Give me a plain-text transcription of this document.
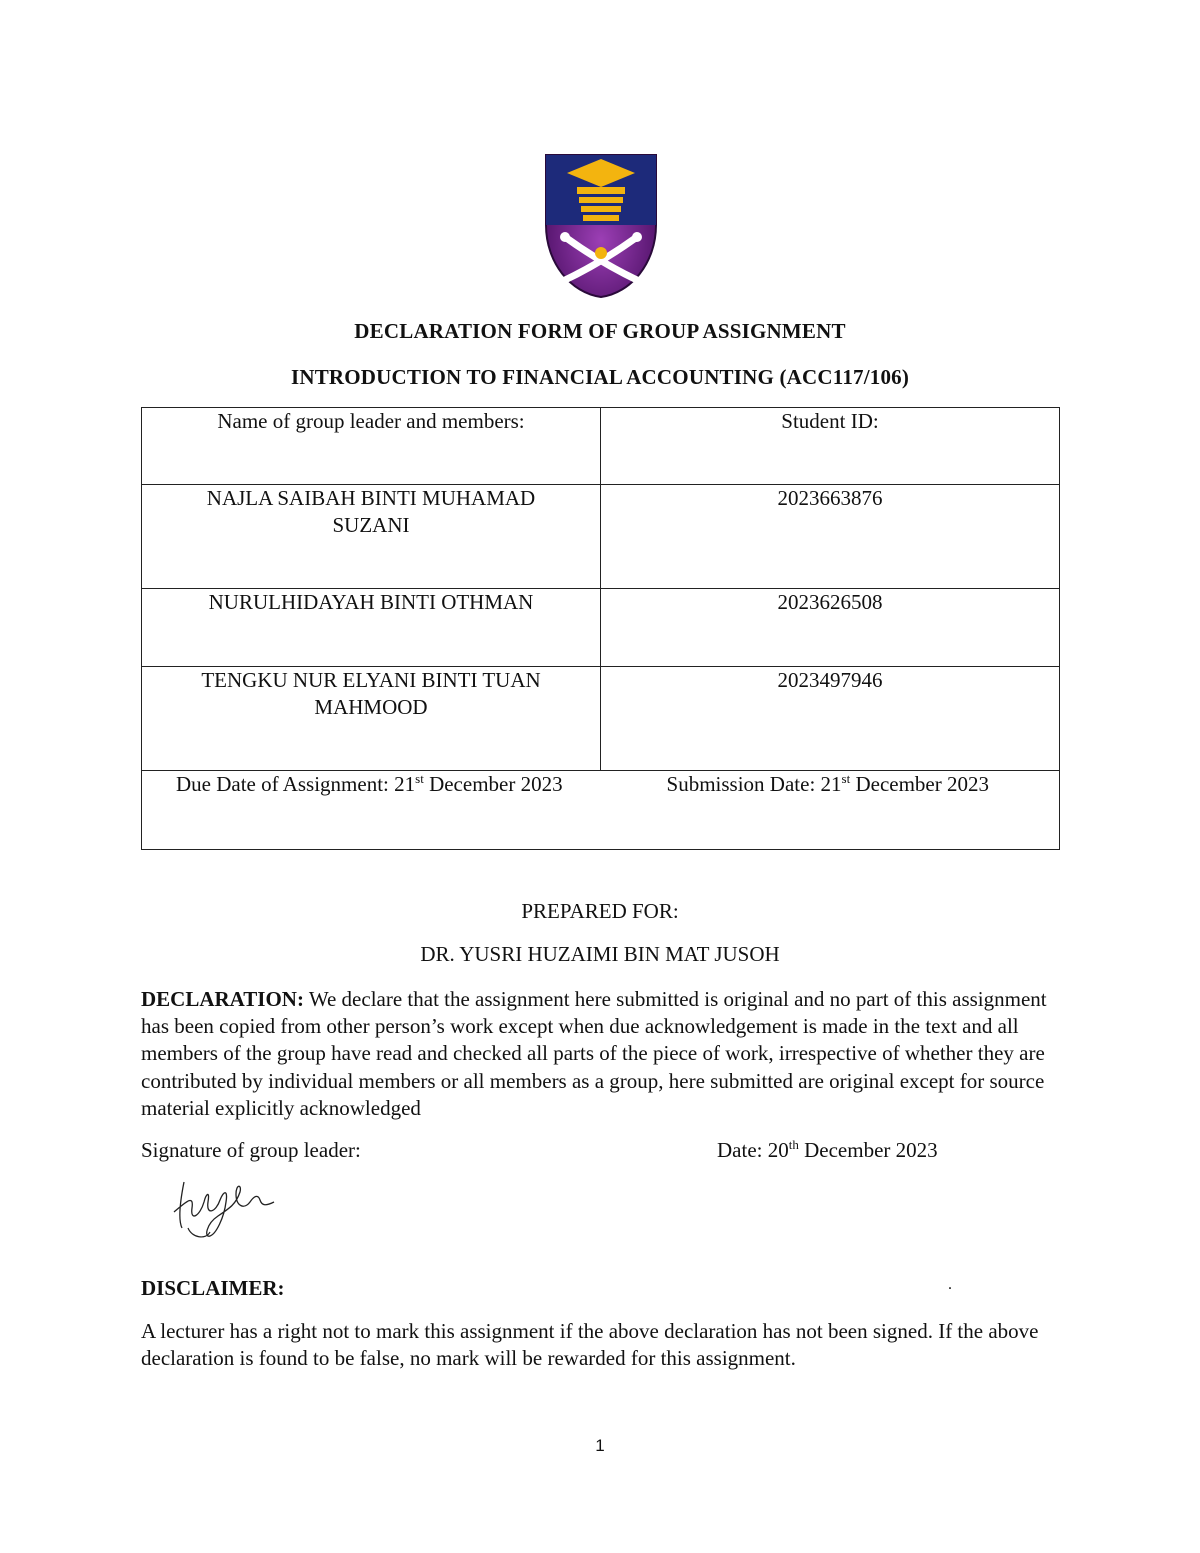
DECLARATION FORM OF GROUP ASSIGNMENT
INTRODUCTION TO FINANCIAL ACCOUNTING (ACC117/106)
Name of group leader and members:	Student ID:

NAJLA SAIBAH BINTI MUHAMAD
SUZANI	2023663876

NURULHIDAYAH BINTI OTHMAN	2023626508

TENGKU NUR ELYANI BINTI TUAN
MAHMOOD	2023497946

Due Date of Assignment: 21st December 2023 Submission Date: 21st December 2023	
PREPARED FOR:
DR. YUSRI HUZAIMI BIN MAT JUSOH
DECLARATION: We declare that the assignment here submitted is original and no part of this assignment has been copied from other person’s work except when due acknowledgement is made in the text and all members of the group have read and checked all parts of the piece of work, irrespective of whether they are contributed by individual members or all members as a group, here submitted are original except for source material explicitly acknowledged
Signature of group leader:	Date: 20th December 2023
DISCLAIMER:	.
A lecturer has a right not to mark this assignment if the above declaration has not been signed. If the above declaration is found to be false, no mark will be rewarded for this assignment.
1
